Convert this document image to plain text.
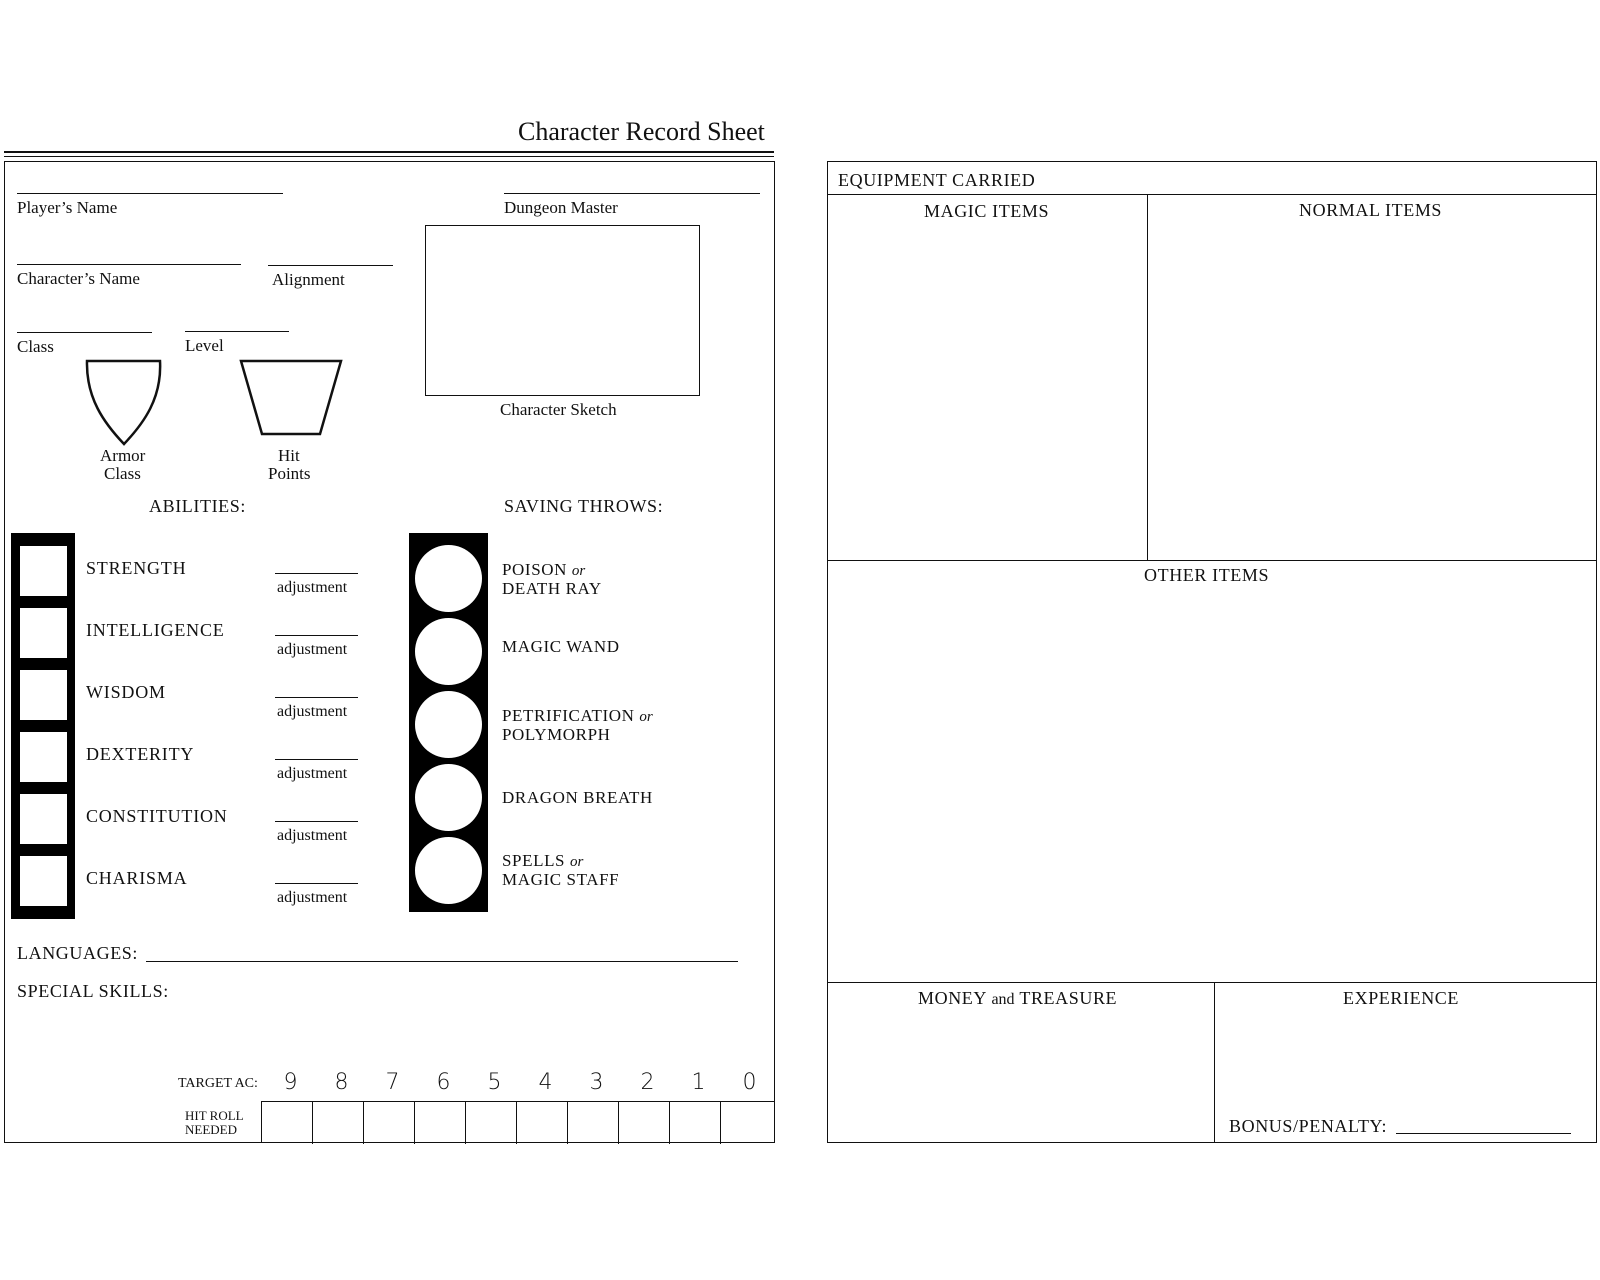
Character Record Sheet
Player’s Name	Dungeon Master
Character’s Name	Alignment
Class	Level
Character Sketch
Armor
Class
Hit
Points
ABILITIES:	SAVING THROWS:
STRENGTH
INTELLIGENCE
WISDOM
DEXTERITY
CONSTITUTION
CHARISMA
adjustment
adjustment
adjustment
adjustment
adjustment
adjustment
POISON or
DEATH RAY
MAGIC WAND
PETRIFICATION or
POLYMORPH
DRAGON BREATH
SPELLS or
MAGIC STAFF
LANGUAGES:
SPECIAL SKILLS:
TARGET AC:	9	8	7	6	5	4	3	2	1	0
HIT ROLL
NEEDED
EQUIPMENT CARRIED
MAGIC ITEMS	NORMAL ITEMS
OTHER ITEMS
MONEY and TREASURE	EXPERIENCE
BONUS/PENALTY:
